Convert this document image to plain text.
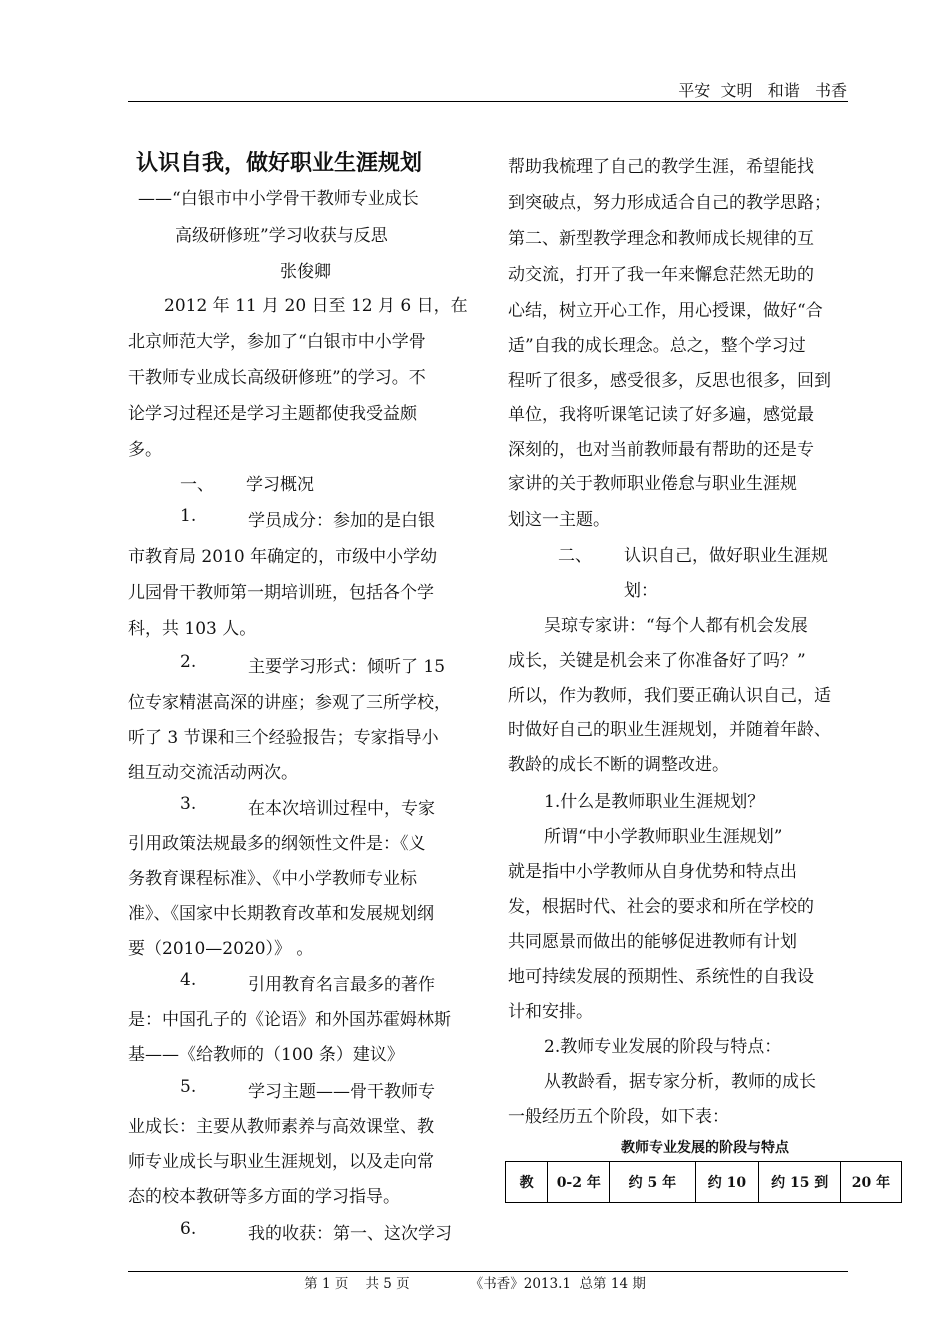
平安  文明   和谐   书香
认识自我，做好职业生涯规划
——“白银市中小学骨干教师专业成长
高级研修班”学习收获与反思
张俊卿
2012 年 11 月 20 日至 12 月 6 日，在
北京师范大学，参加了“白银市中小学骨
干教师专业成长高级研修班”的学习。不
论学习过程还是学习主题都使我受益颇
多。
一、 学习概况
1.	学员成分：参加的是白银
市教育局 2010 年确定的，市级中小学幼
儿园骨干教师第一期培训班，包括各个学
科，共 103 人。
2.	主要学习形式：倾听了 15
位专家精湛高深的讲座；参观了三所学校，
听了 3 节课和三个经验报告；专家指导小
组互动交流活动两次。
3.	在本次培训过程中，专家
引用政策法规最多的纲领性文件是：《义
务教育课程标准》、《中小学教师专业标
准》、《国家中长期教育改革和发展规划纲
要（2010—2020）》 。
4.	引用教育名言最多的著作
是：中国孔子的《论语》和外国苏霍姆林斯
基——《给教师的（100 条）建议》
5.	学习主题——骨干教师专
业成长：主要从教师素养与高效课堂、教
师专业成长与职业生涯规划，以及走向常
态的校本教研等多方面的学习指导。
6.	我的收获：第一、这次学习
帮助我梳理了自己的教学生涯，希望能找
到突破点，努力形成适合自己的教学思路；
第二、新型教学理念和教师成长规律的互
动交流，打开了我一年来懈怠茫然无助的
心结，树立开心工作，用心授课，做好“合
适”自我的成长理念。总之，整个学习过
程听了很多，感受很多，反思也很多，回到
单位，我将听课笔记读了好多遍，感觉最
深刻的，也对当前教师最有帮助的还是专
家讲的关于教师职业倦怠与职业生涯规
划这一主题。
二、 认识自己，做好职业生涯规
划：
吴琼专家讲：“每个人都有机会发展
成长，关键是机会来了你准备好了吗？”
所以，作为教师，我们要正确认识自己，适
时做好自己的职业生涯规划，并随着年龄、
教龄的成长不断的调整改进。
1.什么是教师职业生涯规划？
所谓“中小学教师职业生涯规划”
就是指中小学教师从自身优势和特点出
发，根据时代、社会的要求和所在学校的
共同愿景而做出的能够促进教师有计划
地可持续发展的预期性、系统性的自我设
计和安排。
2.教师专业发展的阶段与特点：
从教龄看，据专家分析，教师的成长
一般经历五个阶段，如下表：
教师专业发展的阶段与特点
教	0-2 年	约 5 年	约 10	约 15 到	20 年
第 1 页    共 5 页              《书香》2013.1  总第 14 期
